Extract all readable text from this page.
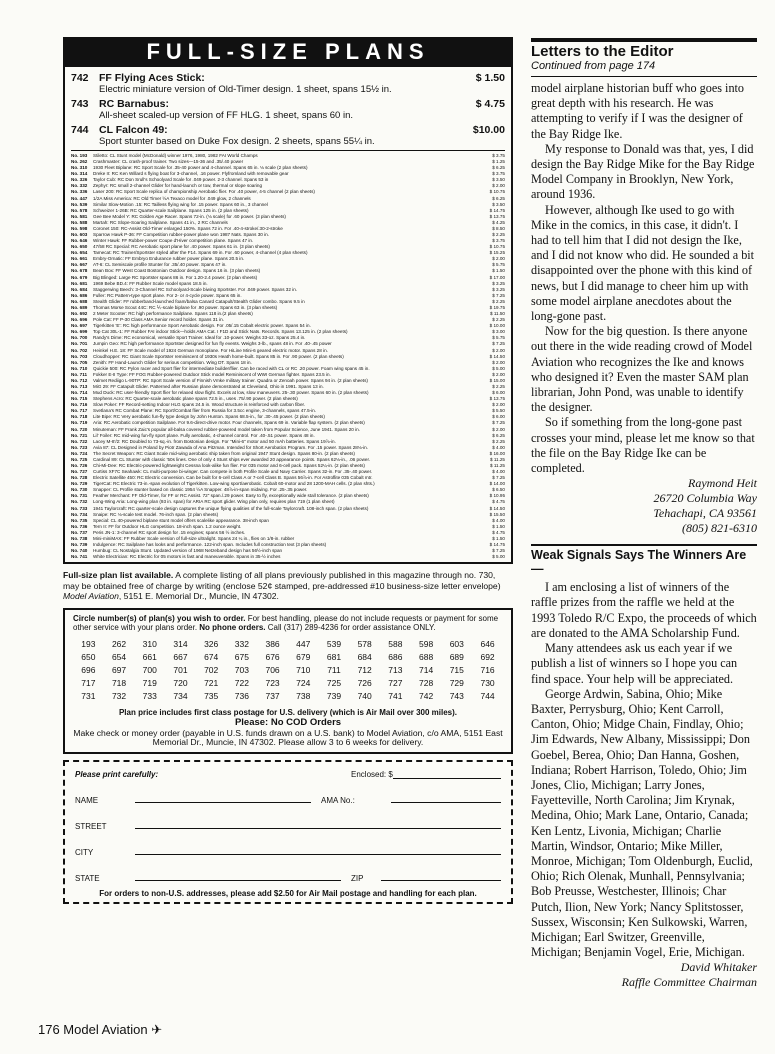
FULL-SIZE PLANS
742 FF Flying Aces Stick:	$ 1.50
Electric miniature version of Old-Timer design. 1 sheet, spans 15½ in.
743 RC Barnabus:	$ 4.75
All-sheet scaled-up version of FF HLG. 1 sheet, spans 60 in.
744 CL Falcon 49:	$10.00
Sport stunter based on Duke Fox design. 2 sheets, spans 55¼ in.
No. 193	Stiletto: CL Stunt model (McDonald) winner 1976, 1980, 1982 FAI World Champs	$ 3.75
No. 262	Crashmaster: CL crash-proof trainer. Two sizes—15-36 and .35/.40 power	$ 1.25
No. 310	1930 Fleet Biplane: RC Sport Scale for .35-40 power and 4-channel. Spans 65 in. ⅛ scale (2 plan sheets)	$ 6.25
No. 314	Dreke II: RC Ken Willard s flying boat for 3-channel, .16 power. Flyfromland with removable gear	$ 3.75
No. 326	Taylor Cub: RC Don Srull's Schoolyard Scale for .049 power. 2-3 channel. Spans 53 in	$ 3.50
No. 332	Zephyr: RC small 2-channel Glider for hand-launch or tow, thermal or slope soaring	$ 2.00
No. 336	Laser 200: RC Sport Scale replica of championship Aerobatic flier. For .40 power, 4-5 channel (2 plan sheets)	$ 10.75
No. 447	1/2A Miss America: RC Old Timer ½A Texaco model for .049 glow, 2 channels	$ 6.25
No. 539	Similar Slow-Motion .15: RC Tailless flying wing for .15 power. Spans 60 in., 3 channel	$ 3.50
No. 578	Schweizer 1-26B: RC Quarter-scale Sailplane. Spans 125 in. (2 plan sheets)	$ 14.75
No. 581	Gee Bee Model Y: RC Golden Age Racer. Spans 72-in. (⅛ scale) for .60 power. (3 plan sheets)	$ 13.75
No. 588	Martah: RC Slope-Soaring Sailplane. Spans 41 in., 2 RC channels	$ 4.25
No. 598	Coronet 150: RC-Assist Old-Timer enlarged 150%. Spans 72 in. For .40-4-stroke/.30-2-stroke	$ 8.50
No. 603	Sparrow Hawk P-36: FF Competition rubber-power plane won 1987 Nats. Spans 30 in.	$ 2.25
No. 646	Winter Hawk: FF Rubber-power Coupe d'Hiver competition plane. Spans 47 in.	$ 3.75
No. 650	47/58 RC Special: RC Aerobatic sport plane for .40 power. Spans 61 in. (3 plan sheets)	$ 10.75
No. 654	Tamecat: RC Trainer/Sportster styled after the F14. Spans 69 in. For .60 power, 4-channel (4 plan sheets)	$ 15.25
No. 661	Embry-Ornatic: FF Embryo Endurance rubber power plane. Spans 20.5 in.	$ 2.00
No. 667	AT-6: CL Semiscale profile Stunter for .35/.40 power. Spans 47 in.	$ 5.75
No. 678	Bean Box: FF West Coast Bostonian Outdoor design. Spans 16 in. (3 plan sheets)	$ 1.50
No. 679	Big Blinged: Large RC Sportster spans 86 in. For 1.20-2.4 power. (2 plan sheets)	$ 17.00
No. 681	1969 Bebe BD.4: FF Rubber Scale model spans 18.5 in.	$ 3.25
No. 684	Staggerwing Beech: 3-Channel RC Schoolyard-Scale biwing Sportster. For .049 power. Spans 32 in.	$ 3.25
No. 686	Fuller: RC Pattern-type sport plane. For 2- or 4-cycle power. Spans 65 in.	$ 7.25
No. 688	Stealth Glider: FF rubberband-launched foam/balsa Canard Catapult/Stealth Glider combo. Spans 9.5 in	$ 2.25
No. 689	Thomas Morse Scout 44C: RC ⅕-scale biplane for .90 power. Spans 63 in. (3 plan sheets)	$ 19.75
No. 692	2 Meter Scooter: RC high performance Sailplane. Spans 118 in.(2 plan sheets)	$ 11.50
No. 696	Pole Cat: FF P-30 Class AMA Senior record holder. Spans 31 in.	$ 2.25
No. 697	Tigerkitten 'E': RC high performance Sport Aerobatic design. For .05/.15 Cobalt electric power. Spans 54 in.	$ 10.00
No. 699	Top Cat 30L-1: FF Rubber FAI indoor Stick—holds AMA Cat. I F1D and Stick Nats. Records. Spans 13.125 in. (2 plan sheets)	$ 3.00
No. 700	Randy's Dime: RC economical, versatile Sport Trainer. Ideal for .10-power. Weighs 33-oz. Spans 25.4 in.	$ 5.75
No. 701	Jumpin Geo: RC high performance Sportster designed for fun fly events. Weighs 3-lb., spans 48 in. For .40-.45 power	$ 7.25
No. 702	Heinkel H.E. 18: FF Scale model of 1924 German monoplane. For HiLine Mini-6 geared electric motor. Spans 28 in.	$ 2.00
No. 703	Cloudhopper: RC Giant Scale Sportster reminiscent of 1930s Heath home-built. Spans 85 in. For .90 power. (2 plan sheets)	$ 14.50
No. 705	Zenith: FF Hand-Launch Glider for serious competition. Wing DT. Spans 18 in.	$ 2.00
No. 710	Quickie 500: RC Pylon racer and Sport flier for intermediate builder/flier. Can be raced with CL or RC .20 power. Foam wing spans 45 in.	$ 5.00
No. 711	Fokker E-II Type: FF FOG Rubber-powered Outdoor Stick model Reminiscent of WWI German fighter. Spans 23.5 in.	$ 2.00
No. 712	Valmet Rediigo L-90TP: RC Sport Scale version of Finnish Vmke military trainer. Quadra or Zenoah power. Spans 94 in. (2 plan sheets)	$ 15.00
No. 713	MiG 29: FF Catapult Glider. Patterned after Russian plane demonstrated at Cleveland, Ohio in 1991. Spans 13 in.	$ 2.25
No. 714	Mud Duck: RC user-friendly Sport flier for relaxed slow flight. Excels at low, slow maneuvers. 25-.30 power. Spans 60 in. (2 plan sheets)	$ 6.00
No. 715	Stephens Acro: RC Quarter-scale aerobatic plane spans 72.5 in., uses .75/.90 power. (2 plan sheets)	$ 13.75
No. 716	Slow Poker: FF Record-setting Indoor HLG spans 24.5 in. Wood structure is reinforced with carbon fiber.	$ 2.00
No. 717	Svetlana's RC Combat Plane: RC Sport/Combat flier from Russia for 3.5cc engine, 3-channels, spans 47.5-in.	$ 5.50
No. 718	Lite Bipe: RC Very aerobatic fun-fly type design by John Hunton. Spans 68.5-in., for .30-.45 power. (2 plan sheets)	$ 6.00
No. 719	Aria: RC Aerobatic competition Sailplane. For 9.6-direct-drive motor. Four channels, Spans 69 in. Variable flap system. (2 plan sheets)	$ 7.25
No. 720	Minuteman: FF Frank Zaic's popular all-balsa covered rubber-powered model taken from Popular Science, June 1941. Spans 20 in.	$ 2.00
No. 721	Lil' Foiler: RC mid-wing fun-fly sport plane. Fully aerobatic, 4-channel control. For .40-.51 power. Spans 48 in.	$ 6.25
No. 722	Lacey M-8'/2: RC Doubled to 73-sq.-in. from Bostonian design. For "Mini-6" motor and 50 mAh batteries. Spans 19⅞-in.	$ 2.25
No. 723	Avia 87: CL Designed in Poland by Piotr Zawada of Ana Pitzman. Intended for Short Aerobatics Program. For .15 power. Spans 28⅛-in.	$ 4.00
No. 724	The Secret Weapon: RC Giant Scale mid-wing aerobatic ship taken from original 1947 Stunt design. Spans 80-in. (2 plan sheets)	$ 16.00
No. 725	Cardinal 89: CL Stunter with classic '50s lines. One of only 4 Stunt ships ever awarded 20 appearance points. Spans 62⅛-in., .06 power.	$ 11.25
No. 726	Chi-Mi-Dee: RC Electric-powered lightweight Cessna look-alike fun flier. For 035 motor and 6-cell pack. Spans 52¼-in. (2 plan sheets)	$ 11.25
No. 727	Curtiss XF7C Seahawk: CL multi-purpose bi-winger. Can compete in both Profile Scale and Navy Carrier. Spans 32-in. For .35-.40 power.	$ 4.00
No. 728	Electric Satellite 450: RC Electric conversion. Can be built for 6-cell Class A or 7-cell Class B. Spans 56⅞-in. For Astroflite 035 Cobalt mtr.	$ 7.25
No. 729	TigerCat: RC Electric 73-in.-span evolution of Tigerkitten. Low-wing sport/aerobatic. Cobalt 60-motor and 28 1200-MAH cells. (2 plan shts.)	$ 14.00
No. 730	Snapper: CL Profile stunter based on classic 1954 ½A Snapper. 48⅞-in-span midwing. For .25-.35 power.	$ 6.50
No. 731	Feather Merchant: FF Old-Timer, for FF or RC Assist. 72" span./.29 power. Easy to fly, exceptionally wide stall tolerance. (2 plan sheets)	$ 10.95
No. 732	Long-Wing Aria: Long-wing plan (93 in. span) for ARIA RC sport glider. Wing plan only, requires plan 719 (1 plan sheet)	$ 4.75
No. 733	1941 Taylorcraft: RC quarter-scale design captures the unique flying qualities of the full-scale Taylorcraft. 108-inch span. (2 plan sheets)	$ 14.50
No. 734	Snaipe: RC ⅛-scale test model. 76-inch span. (2 plan sheets)	$ 15.50
No. 735	Special: CL 40-powered biplane stunt model offers scalelike appearance. 38-inch span	$ 4.00
No. 736	Tern II: FF for Outdoor HLG competition. 18-inch span. 1.2 ounce weight.	$ 1.50
No. 737	Peris JN-1: 3-channel RC sport design for .15 engines; spans 56 ½ inches.	$ 4.75
No. 738	Mini-miniMAX: FF Rubber Scale version of full-size ultralight. Spans 24 ¼ in., flies on 1/8-in. rubber	$ 1.50
No. 739	Indulgence: RC Sailplane has looks and performance. 122-inch span. Includes full construction text (3 plan sheets)	$ 14.75
No. 740	Humbug: CL Nostalgia Stunt. Updated version of 1968 Netzeband design has 56½-inch span	$ 7.25
No. 741	White Electrician: RC Electric for 05 motors is fast and maneuverable. Spans in 35-½ inches	$ 5.00
Full-size plan list available. A complete listing of all plans previously published in this magazine through no. 730, may be obtained free of charge by writing (enclose 52¢ stamped, pre-addressed #10 business-size letter envelope) Model Aviation, 5151 E. Memorial Dr., Muncie, IN 47302.
Circle number(s) of plan(s) you wish to order. For best handling, please do not include requests or payment for some other service with your plans order. No phone orders. Call (317) 289-4236 for order assistance ONLY.
193	262	310	314	326	332	386	447	539	578	588	598	603	646
650	654	661	667	674	675	676	679	681	684	686	688	689	692
696	697	700	701	702	703	706	710	711	712	713	714	715	716
717	718	719	720	721	722	723	724	725	726	727	728	729	730
731	732	733	734	735	736	737	738	739	740	741	742	743	744
Plan price includes first class postage for U.S. delivery (which is Air Mail over 300 miles).
Please: No COD Orders
Make check or money order (payable in U.S. funds drawn on a U.S. bank) to Model Aviation, c/o AMA, 5151 East Memorial Dr., Muncie, IN 47302. Please allow 3 to 6 weeks for delivery.
Please print carefully:	Enclosed: $
NAME	AMA No.:
STREET
CITY
STATE	ZIP
For orders to non-U.S. addresses, please add $2.50 for Air Mail postage and handling for each plan.
176 Model Aviation ✈
Letters to the Editor
Continued from page 174

model airplane historian buff who goes into great depth with his research. He was attempting to verify if I was the designer of the Bay Ridge Ike.

My response to Donald was that, yes, I did design the Bay Ridge Mike for the Bay Ridge Model Company in Brooklyn, New York, around 1936.

However, although Ike used to go with Mike in the comics, in this case, it didn't. I had to tell him that I did not design the Ike, and I did not know who did. He sounded a bit disappointed over the phone with this kind of news, but I did manage to cheer him up with some model airplane anecdotes about the long-gone past.

Now for the big question. Is there anyone out there in the wide reading crowd of Model Aviation who recognizes the Ike and knows who designed it? Even the master SAM plan librarian, John Pond, was unable to identify the designer.

So if something from the long-gone past crosses your mind, please let me know so that the file on the Bay Ridge Ike can be completed.

Raymond Heit
26720 Columbia Way
Tehachapi, CA 93561
(805) 821-6310
Weak Signals Says The Winners Are—

I am enclosing a list of winners of the raffle prizes from the raffle we held at the 1993 Toledo R/C Expo, the proceeds of which are donated to the AMA Scholarship Fund.

Many attendees ask us each year if we publish a list of winners so I hope you can find space. Your help will be appreciated.

George Ardwin, Sabina, Ohio; Mike Baxter, Perrysburg, Ohio; Kent Carroll, Canton, Ohio; Midge Chain, Findlay, Ohio; Jim Edwards, New Albany, Mississippi; Don Goebel, Berea, Ohio; Dan Hanna, Goshen, Indiana; Robert Harrison, Toledo, Ohio; Jim Jones, Clio, Michigan; Larry Jones, Fayetteville, North Carolina; Jim Krynak, Medina, Ohio; Mark Lane, Ontario, Canada; Ken Lentz, Livonia, Michigan; Charlie Martin, Windsor, Ontario; Mike Miller, Monroe, Michigan; Tom Oldenburgh, Euclid, Ohio; Rich Olenak, Munhall, Pennsylvania; Bob Preusse, Westchester, Illinois; Char Putch, Ilion, New York; Nancy Splitstosser, Sussex, Wisconsin; Ken Sulkowski, Warren, Michigan; Earl Switzer, Greenville, Michigan; Benjamin Vogel, Erie, Michigan.

David Whitaker
Raffle Committee Chairman
